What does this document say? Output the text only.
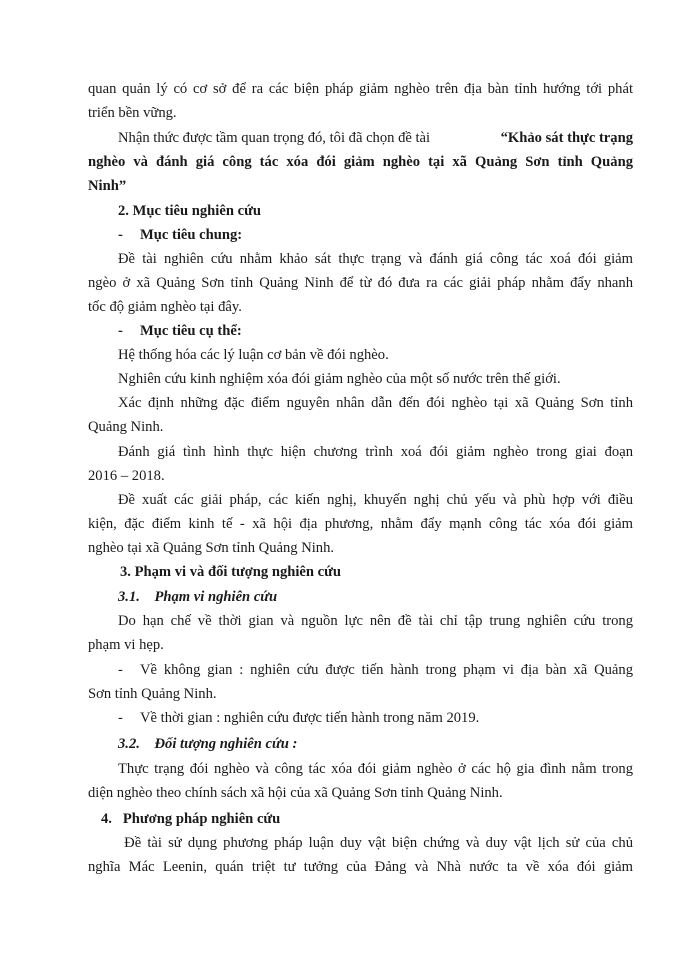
quan quản lý có cơ sở để ra các biện pháp giảm nghèo trên địa bàn tỉnh hướng tới phát
triển bền vững.
Nhận thức được tầm quan trọng đó, tôi đã chọn đề tài	“Khảo sát thực trạng
nghèo và đánh giá công tác xóa đói giảm nghèo tại xã Quảng Sơn tỉnh Quảng
Ninh”
2. Mục tiêu nghiên cứu
- Mục tiêu chung:
Đề tài nghiên cứu nhằm khảo sát thực trạng và đánh giá công tác xoá đói giảm
ngèo ở xã Quảng Sơn tỉnh Quảng Ninh để từ đó đưa ra các giải pháp nhằm đẩy nhanh
tốc độ giảm nghèo tại đây.
- Mục tiêu cụ thể:
Hệ thống hóa các lý luận cơ bản về đói nghèo.
Nghiên cứu kinh nghiệm xóa đói giảm nghèo của một số nước trên thế giới.
Xác định những đặc điểm nguyên nhân dẫn đến đói nghèo tại xã Quảng Sơn tỉnh
Quảng Ninh.
Đánh giá tình hình thực hiện chương trình xoá đói giảm nghèo trong giai đoạn
2016 – 2018.
Đề xuất các giải pháp, các kiến nghị, khuyến nghị chủ yếu và phù hợp với điều
kiện, đặc điểm kinh tế - xã hội địa phương, nhằm đẩy mạnh công tác xóa đói giảm
nghèo tại xã Quảng Sơn tỉnh Quảng Ninh.
3. Phạm vi và đối tượng nghiên cứu
3.1.    Phạm vi nghiên cứu
Do hạn chế về thời gian và nguồn lực nên đề tài chỉ tập trung nghiên cứu trong
phạm vi hẹp.
-	Về không gian : nghiên cứu được tiến hành trong phạm vi địa bàn xã Quảng
Sơn tỉnh Quảng Ninh.
- Về thời gian : nghiên cứu được tiến hành trong năm 2019.
3.2.    Đối tượng nghiên cứu :
Thực trạng đói nghèo và công tác xóa đói giảm nghèo ở các hộ gia đình nằm trong
diện nghèo theo chính sách xã hội của xã Quảng Sơn tỉnh Quảng Ninh.
4.   Phương pháp nghiên cứu
Đề tài sử dụng phương pháp luận duy vật biện chứng và duy vật lịch sử của chủ
nghĩa Mác Leenin, quán triệt tư tưởng của Đảng và Nhà nước ta về xóa đói giảm
